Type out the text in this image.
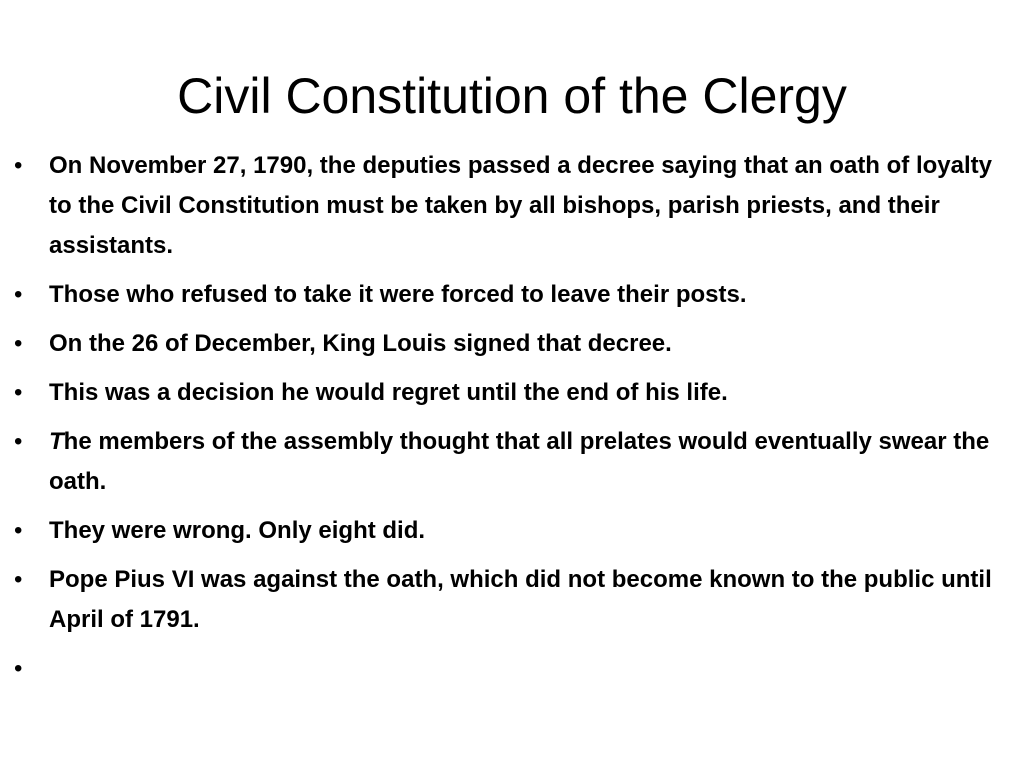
Civil Constitution of the Clergy
•	On November 27, 1790, the deputies passed a decree saying that an oath of loyalty to the Civil Constitution must be taken by all bishops, parish priests, and their assistants.
•	Those who refused to take it were forced to leave their posts.
•	On the 26 of December, King Louis signed that decree.
•	This was a decision he would regret until the end of his life.
•	The members of the assembly thought that all prelates would eventually swear the oath.
•	They were wrong. Only eight did.
•	Pope Pius VI was against the oath, which did not become known to the public until April of 1791.
•
